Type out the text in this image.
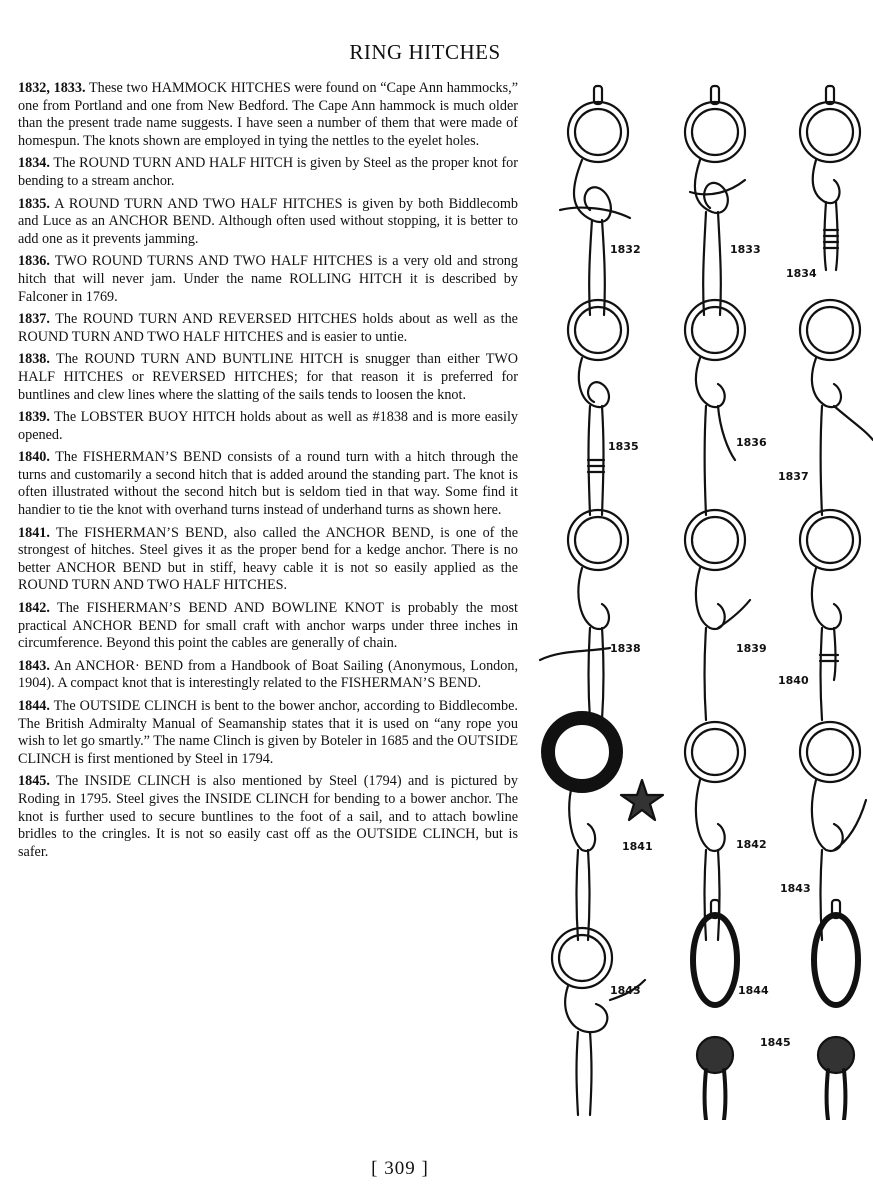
RING HITCHES

1832, 1833. These two HAMMOCK HITCHES were found on “Cape Ann hammocks,” one from Portland and one from New Bedford. The Cape Ann hammock is much older than the present trade name suggests. I have seen a number of them that were made of homespun. The knots shown are employed in tying the nettles to the eyelet holes.

1834. The ROUND TURN AND HALF HITCH is given by Steel as the proper knot for bending to a stream anchor.

1835. A ROUND TURN AND TWO HALF HITCHES is given by both Biddlecomb and Luce as an ANCHOR BEND. Although often used without stopping, it is better to add one as it prevents jamming.

1836. TWO ROUND TURNS AND TWO HALF HITCHES is a very old and strong hitch that will never jam. Under the name ROLLING HITCH it is described by Falconer in 1769.

1837. The ROUND TURN AND REVERSED HITCHES holds about as well as the ROUND TURN AND TWO HALF HITCHES and is easier to untie.

1838. The ROUND TURN AND BUNTLINE HITCH is snugger than either TWO HALF HITCHES or REVERSED HITCHES; for that reason it is preferred for buntlines and clew lines where the slatting of the sails tends to loosen the knot.

1839. The LOBSTER BUOY HITCH holds about as well as #1838 and is more easily opened.

1840. The FISHERMAN’S BEND consists of a round turn with a hitch through the turns and customarily a second hitch that is added around the standing part. The knot is often illustrated without the second hitch but is seldom tied in that way. Some find it handier to tie the knot with overhand turns instead of underhand turns as shown here.

1841. The FISHERMAN’S BEND, also called the ANCHOR BEND, is one of the strongest of hitches. Steel gives it as the proper bend for a kedge anchor. There is no better ANCHOR BEND but in stiff, heavy cable it is not so easily applied as the ROUND TURN AND TWO HALF HITCHES.

1842. The FISHERMAN’S BEND AND BOWLINE KNOT is probably the most practical ANCHOR BEND for small craft with anchor warps under three inches in circumference. Beyond this point the cables are generally of chain.

1843. An ANCHOR· BEND from a Handbook of Boat Sailing (Anonymous, London, 1904). A compact knot that is interestingly related to the FISHERMAN’S BEND.

1844. The OUTSIDE CLINCH is bent to the bower anchor, according to Biddlecombe. The British Admiralty Manual of Seamanship states that it is used on “any rope you wish to let go smartly.” The name Clinch is given by Boteler in 1685 and the OUTSIDE CLINCH is first mentioned by Steel in 1794.

1845. The INSIDE CLINCH is also mentioned by Steel (1794) and is pictured by Roding in 1795. Steel gives the INSIDE CLINCH for bending to a bower anchor. The knot is further used to secure buntlines to the foot of a sail, and to attach bowline bridles to the cringles. It is not so easily cast off as the OUTSIDE CLINCH, but is safer.

1832	1833
1834
1835	1836
1837
1838	1839
1840
1841	1842
1843
1843	1844
1845
[ 309 ]
